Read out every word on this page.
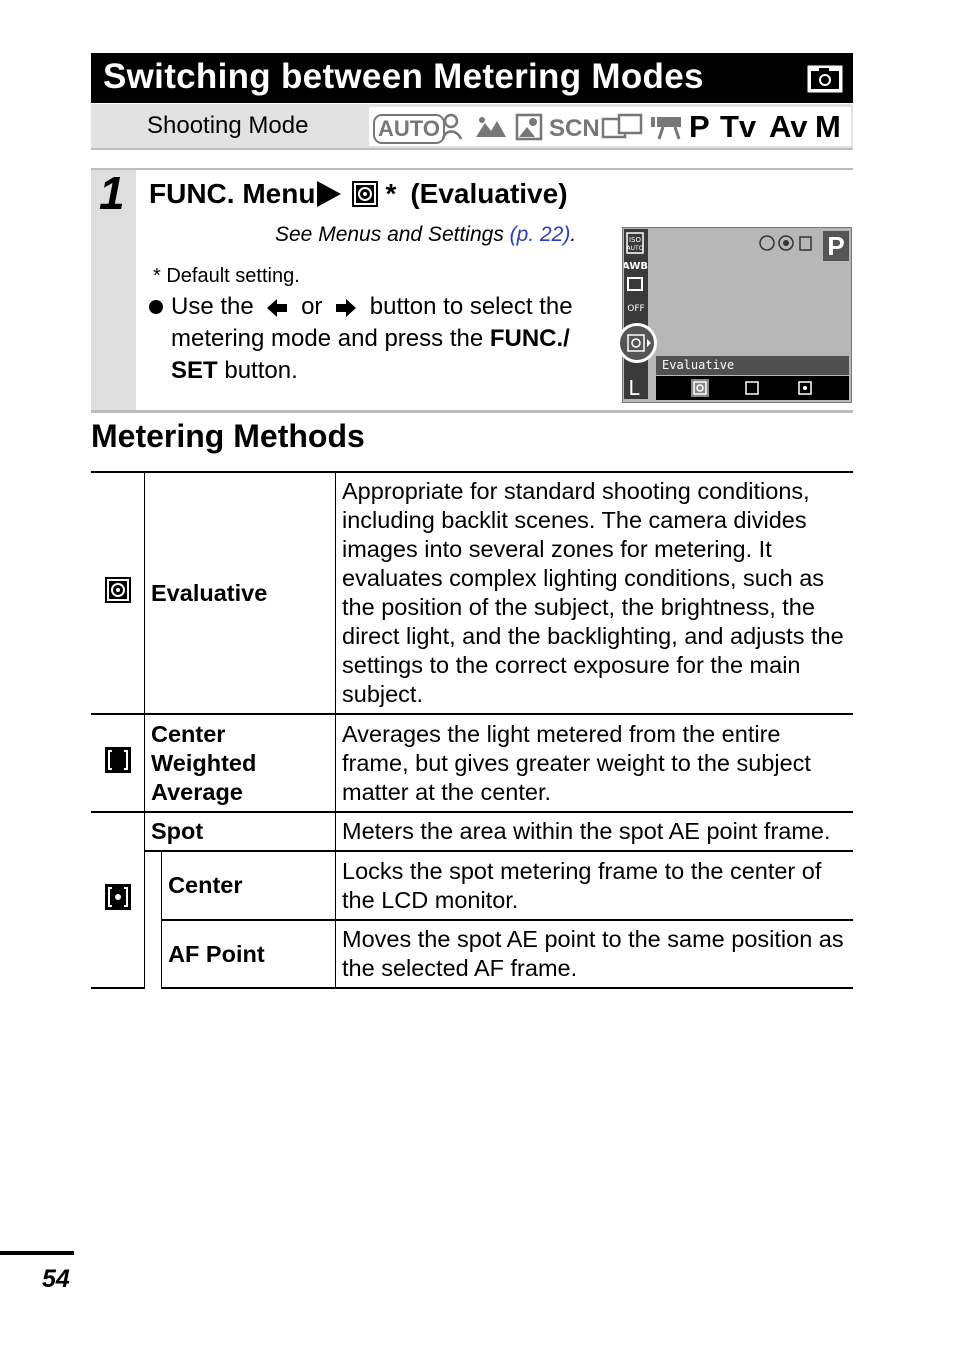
Switching between Metering Modes
Shooting Mode	AUTO	SCN	P Tv Av M
1 FUNC. Menu	* (Evaluative)
See Menus and Settings (p. 22).
* Default setting.
Use the or button to select the metering mode and press the FUNC./ SET button.
ISO
AUTO
AWB
OFF
L
P
Evaluative
Metering Methods
	Evaluative		Appropriate for standard shooting conditions, including backlit scenes. The camera divides images into several zones for metering. It evaluates complex lighting conditions, such as the position of the subject, the brightness, the direct light, and the backlighting, and adjusts the settings to the correct exposure for the main subject.

Center
Weighted
Average		Averages the light metered from the entire frame, but gives greater weight to the subject matter at the center.
	Spot		Meters the area within the spot AE point frame.
		Center	Locks the spot metering frame to the center of the LCD monitor.
		AF Point	Moves the spot AE point to the same position as the selected AF frame.
54
